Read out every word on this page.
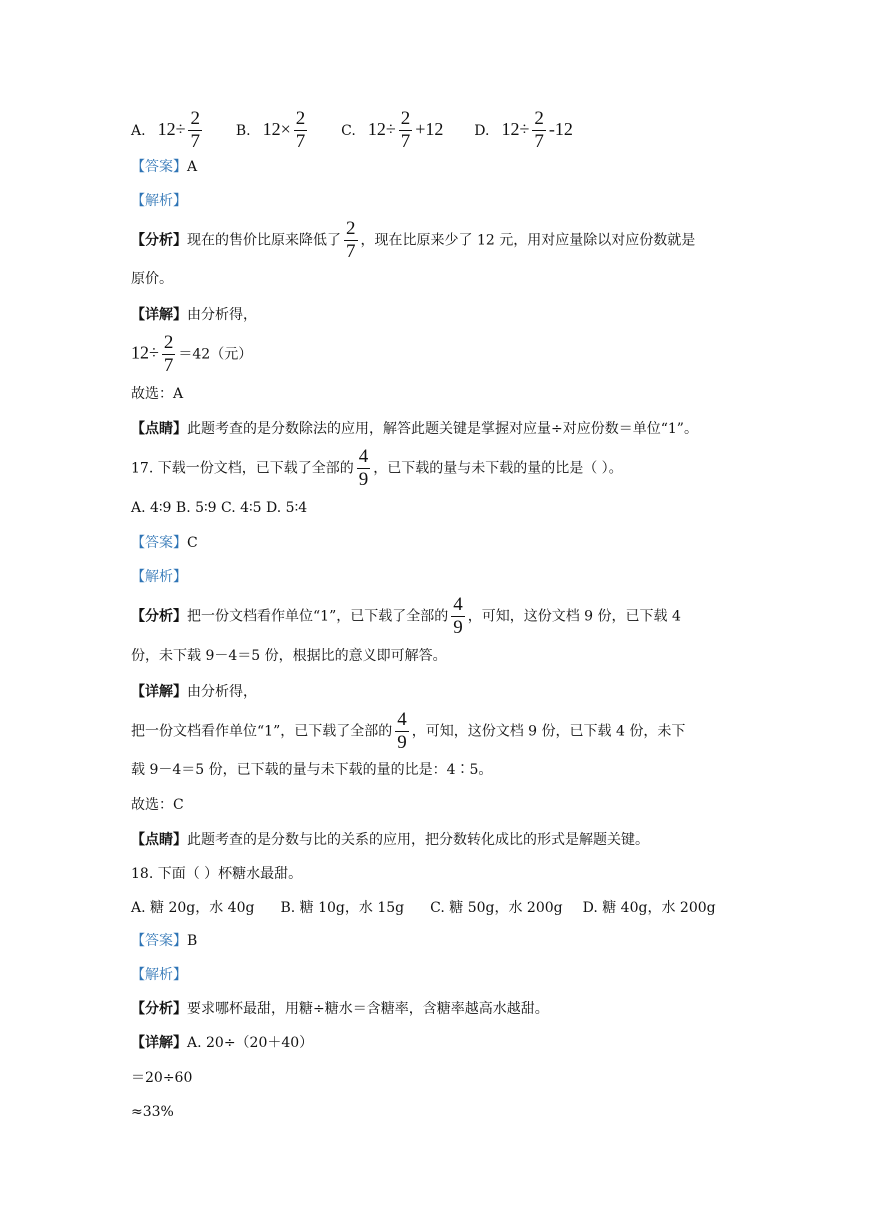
A. $12\div \frac{2}{7} B$. $12\times \frac{2}{7} C$. $12\div \frac{2}{7} +12$ D. $12\div \frac{2}{7} -12$
【答案】A
【解析】
【分析】现在的售价比原来降低了 $\frac{2}{7}$ ，现在比原来少了 12 元，用对应量除以对应份数就是
原价。
【详解】由分析得，
$12\div \frac{2}{7} =42$（元）
故选：A
【点睛】此题考查的是分数除法的应用，解答此题关键是掌握对应量÷对应份数＝单位“1”。
17. 下载一份文档，已下载了全部的 $\frac{4}{9}$ ，已下载的量与未下载的量的比是（ ）。
A. 4∶9 B. 5∶9 C. 4∶5 D. 5∶4
【答案】C
【解析】
【分析】把一份文档看作单位“1”，已下载了全部的 $\frac{4}{9}$ ，可知，这份文档 9 份，已下载 4
份，未下载 9－4＝5 份，根据比的意义即可解答。
【详解】由分析得，
把一份文档看作单位“1”，已下载了全部的 $\frac{4}{9}$ ，可知，这份文档 9 份，已下载 4 份，未下
载 9－4＝5 份，已下载的量与未下载的量的比是：4∶5。
故选：C
【点睛】此题考查的是分数与比的关系的应用，把分数转化成比的形式是解题关键。
18. 下面（ ）杯糖水最甜。
A. 糖 20g，水 40g B. 糖 10g，水 15g C. 糖 50g，水 200g D. 糖 40g，水 200g
【答案】B
【解析】
【分析】要求哪杯最甜，用糖÷糖水＝含糖率，含糖率越高水越甜。
【详解】A. 20÷（20＋40）
＝20÷60
≈33%
